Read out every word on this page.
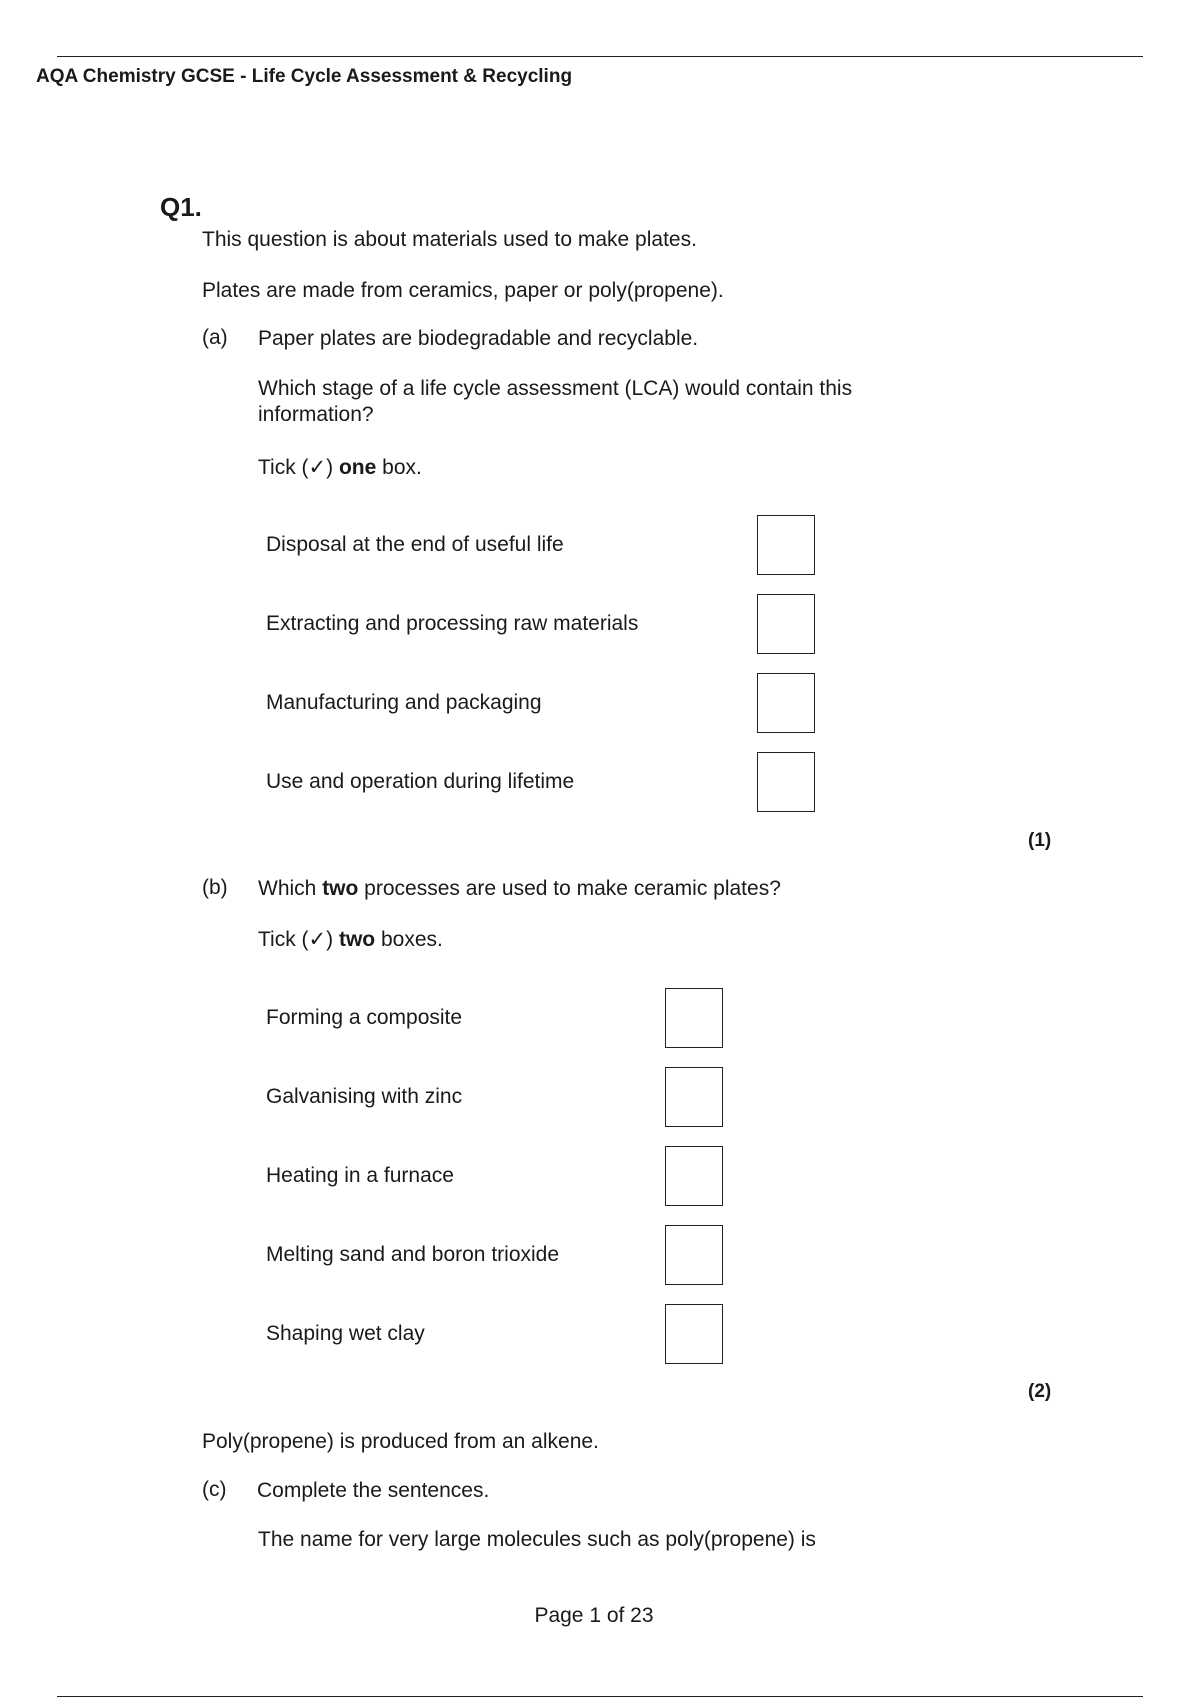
AQA Chemistry GCSE - Life Cycle Assessment & Recycling
Q1.
This question is about materials used to make plates.
Plates are made from ceramics, paper or poly(propene).
(a) Paper plates are biodegradable and recyclable.
Which stage of a life cycle assessment (LCA) would contain this
information?
Tick (✓) one box.
Disposal at the end of useful life
Extracting and processing raw materials
Manufacturing and packaging
Use and operation during lifetime
(1)
(b) Which two processes are used to make ceramic plates?
Tick (✓) two boxes.
Forming a composite
Galvanising with zinc
Heating in a furnace
Melting sand and boron trioxide
Shaping wet clay
(2)
Poly(propene) is produced from an alkene.
(c) Complete the sentences.
The name for very large molecules such as poly(propene) is
Page 1 of 23
